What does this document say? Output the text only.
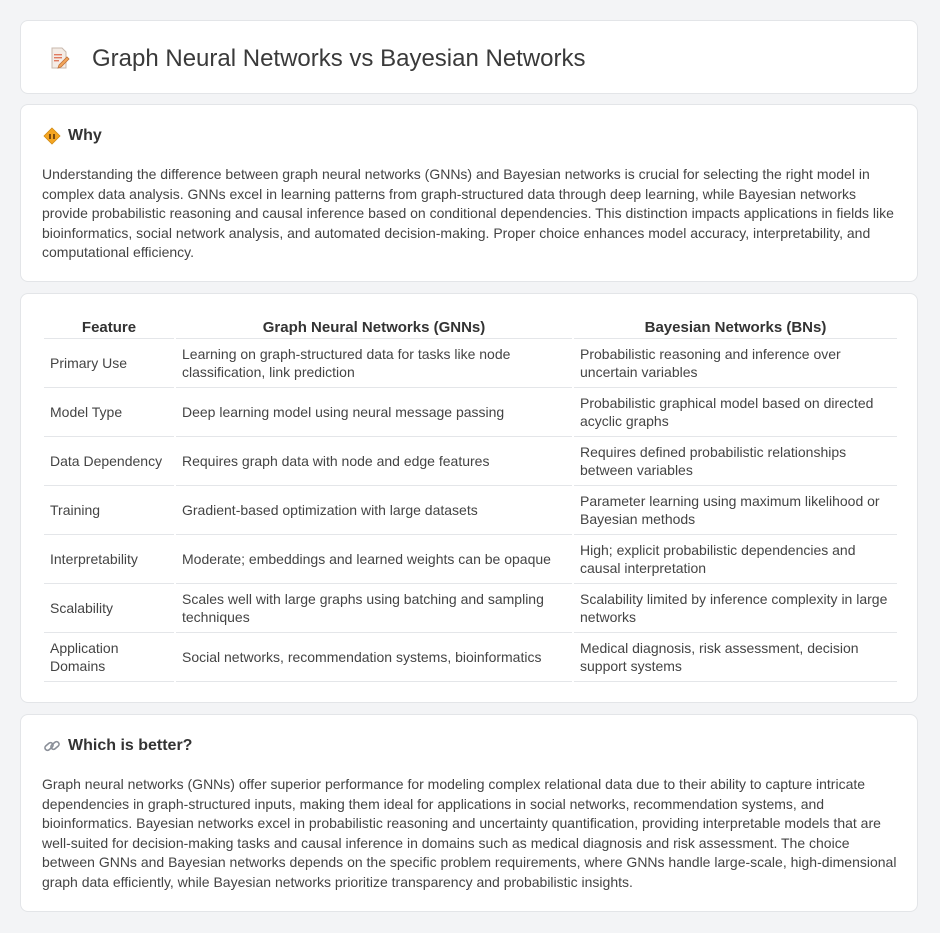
Graph Neural Networks vs Bayesian Networks
Why

Understanding the difference between graph neural networks (GNNs) and Bayesian networks is crucial for selecting the right model in complex data analysis. GNNs excel in learning patterns from graph-structured data through deep learning, while Bayesian networks provide probabilistic reasoning and causal inference based on conditional dependencies. This distinction impacts applications in fields like bioinformatics, social network analysis, and automated decision-making. Proper choice enhances model accuracy, interpretability, and computational efficiency.

Feature	Graph Neural Networks (GNNs)	Bayesian Networks (BNs)
Primary Use	Learning on graph-structured data for tasks like node classification, link prediction	Probabilistic reasoning and inference over uncertain variables
Model Type	Deep learning model using neural message passing	Probabilistic graphical model based on directed acyclic graphs
Data Dependency	Requires graph data with node and edge features	Requires defined probabilistic relationships between variables
Training	Gradient-based optimization with large datasets	Parameter learning using maximum likelihood or Bayesian methods
Interpretability	Moderate; embeddings and learned weights can be opaque	High; explicit probabilistic dependencies and causal interpretation
Scalability	Scales well with large graphs using batching and sampling techniques	Scalability limited by inference complexity in large networks
Application Domains	Social networks, recommendation systems, bioinformatics	Medical diagnosis, risk assessment, decision support systems
Which is better?

Graph neural networks (GNNs) offer superior performance for modeling complex relational data due to their ability to capture intricate dependencies in graph-structured inputs, making them ideal for applications in social networks, recommendation systems, and bioinformatics. Bayesian networks excel in probabilistic reasoning and uncertainty quantification, providing interpretable models that are well-suited for decision-making tasks and causal inference in domains such as medical diagnosis and risk assessment. The choice between GNNs and Bayesian networks depends on the specific problem requirements, where GNNs handle large-scale, high-dimensional graph data efficiently, while Bayesian networks prioritize transparency and probabilistic insights.
